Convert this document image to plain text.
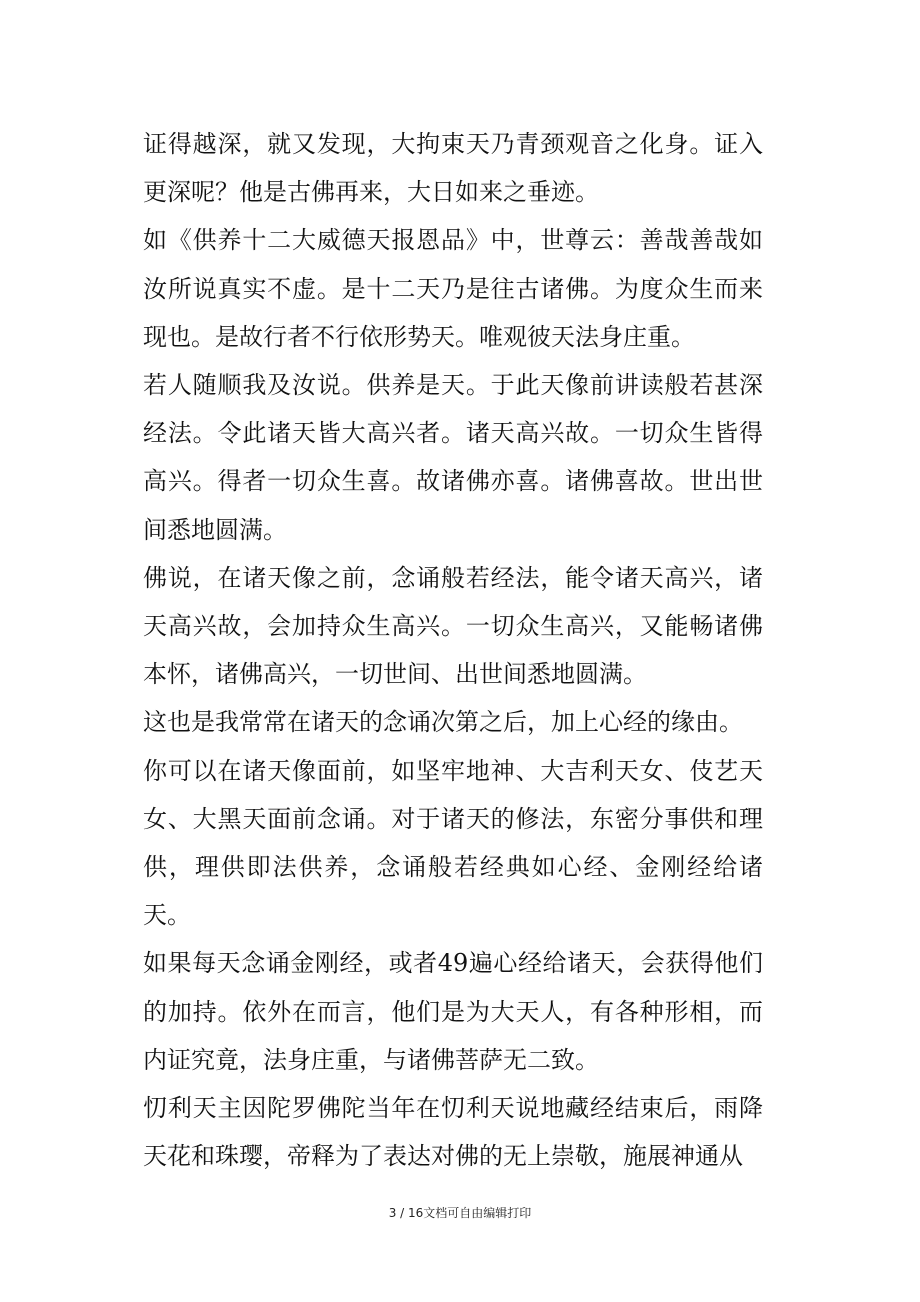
证得越深，就又发现，大拘束天乃青颈观音之化身。证入更深呢？他是古佛再来，大日如来之垂迹。

如《供养十二大威德天报恩品》中，世尊云：善哉善哉如汝所说真实不虚。是十二天乃是往古诸佛。为度众生而来现也。是故行者不行依形势天。唯观彼天法身庄重。

若人随顺我及汝说。供养是天。于此天像前讲读般若甚深经法。令此诸天皆大高兴者。诸天高兴故。一切众生皆得高兴。得者一切众生喜。故诸佛亦喜。诸佛喜故。世出世间悉地圆满。

佛说，在诸天像之前，念诵般若经法，能令诸天高兴，诸天高兴故，会加持众生高兴。一切众生高兴，又能畅诸佛本怀，诸佛高兴，一切世间、出世间悉地圆满。

这也是我常常在诸天的念诵次第之后，加上心经的缘由。

你可以在诸天像面前，如坚牢地神、大吉利天女、伎艺天女、大黑天面前念诵。对于诸天的修法，东密分事供和理供，理供即法供养，念诵般若经典如心经、金刚经给诸天。

如果每天念诵金刚经，或者49遍心经给诸天，会获得他们的加持。依外在而言，他们是为大天人，有各种形相，而内证究竟，法身庄重，与诸佛菩萨无二致。

忉利天主因陀罗佛陀当年在忉利天说地藏经结束后，雨降天花和珠璎，帝释为了表达对佛的无上崇敬，施展神通从

3 / 16文档可自由编辑打印
